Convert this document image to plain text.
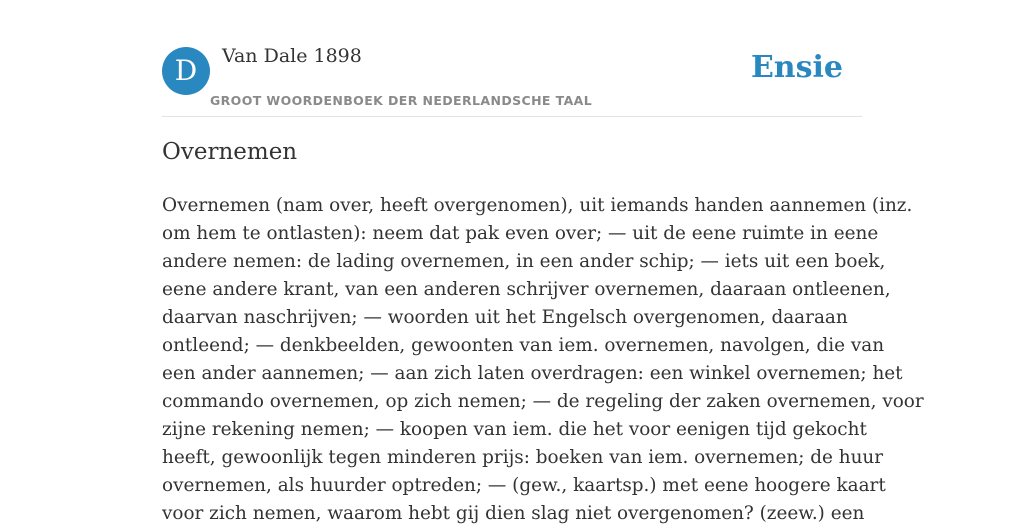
D	Van Dale 1898
GROOT WOORDENBOEK DER NEDERLANDSCHE TAAL
Ensie
Overnemen
Overnemen (nam over, heeft overgenomen), uit iemands handen aannemen (inz.
om hem te ontlasten): neem dat pak even over; — uit de eene ruimte in eene
andere nemen: de lading overnemen, in een ander schip; — iets uit een boek,
eene andere krant, van een anderen schrijver overnemen, daaraan ontleenen,
daarvan naschrijven; — woorden uit het Engelsch overgenomen, daaraan
ontleend; — denkbeelden, gewoonten van iem. overnemen, navolgen, die van
een ander aannemen; — aan zich laten overdragen: een winkel overnemen; het
commando overnemen, op zich nemen; — de regeling der zaken overnemen, voor
zijne rekening nemen; — koopen van iem. die het voor eenigen tijd gekocht
heeft, gewoonlijk tegen minderen prijs: boeken van iem. overnemen; de huur
overnemen, als huurder optreden; — (gew., kaartsp.) met eene hoogere kaart
voor zich nemen, waarom hebt gij dien slag niet overgenomen? (zeew.) een
